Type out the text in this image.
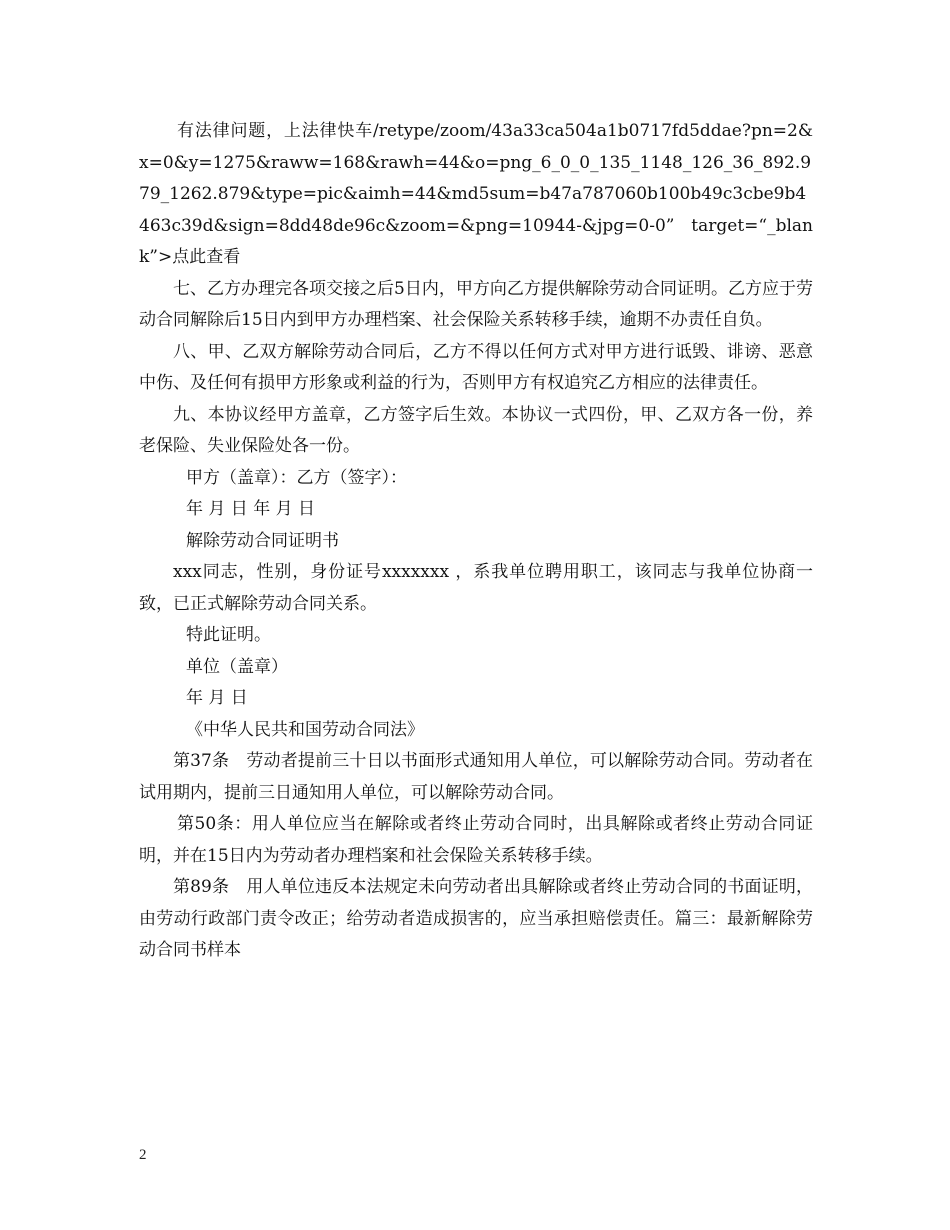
有法律问题，上法律快车/retype/zoom/43a33ca504a1b0717fd5ddae?pn=2&x=0&y=1275&raww=168&rawh=44&o=png_6_0_0_135_1148_126_36_892.979_1262.879&type=pic&aimh=44&md5sum=b47a787060b100b49c3cbe9b4463c39d&sign=8dd48de96c&zoom=&png=10944-&jpg=0-0”  target=“_blank”>点此查看

七、乙方办理完各项交接之后5日内，甲方向乙方提供解除劳动合同证明。乙方应于劳动合同解除后15日内到甲方办理档案、社会保险关系转移手续，逾期不办责任自负。

八、甲、乙双方解除劳动合同后，乙方不得以任何方式对甲方进行诋毁、诽谤、恶意中伤、及任何有损甲方形象或利益的行为，否则甲方有权追究乙方相应的法律责任。

九、本协议经甲方盖章，乙方签字后生效。本协议一式四份，甲、乙双方各一份，养老保险、失业保险处各一份。

甲方（盖章）：乙方（签字）：

年 月 日 年 月 日

解除劳动合同证明书

xxx同志，性别，身份证号xxxxxxx ，系我单位聘用职工，该同志与我单位协商一致，已正式解除劳动合同关系。

特此证明。

单位（盖章）

年 月 日

《中华人民共和国劳动合同法》

第37条　劳动者提前三十日以书面形式通知用人单位，可以解除劳动合同。劳动者在试用期内，提前三日通知用人单位，可以解除劳动合同。

第50条：用人单位应当在解除或者终止劳动合同时，出具解除或者终止劳动合同证明，并在15日内为劳动者办理档案和社会保险关系转移手续。

第89条　用人单位违反本法规定未向劳动者出具解除或者终止劳动合同的书面证明，由劳动行政部门责令改正；给劳动者造成损害的，应当承担赔偿责任。篇三：最新解除劳动合同书样本

2
